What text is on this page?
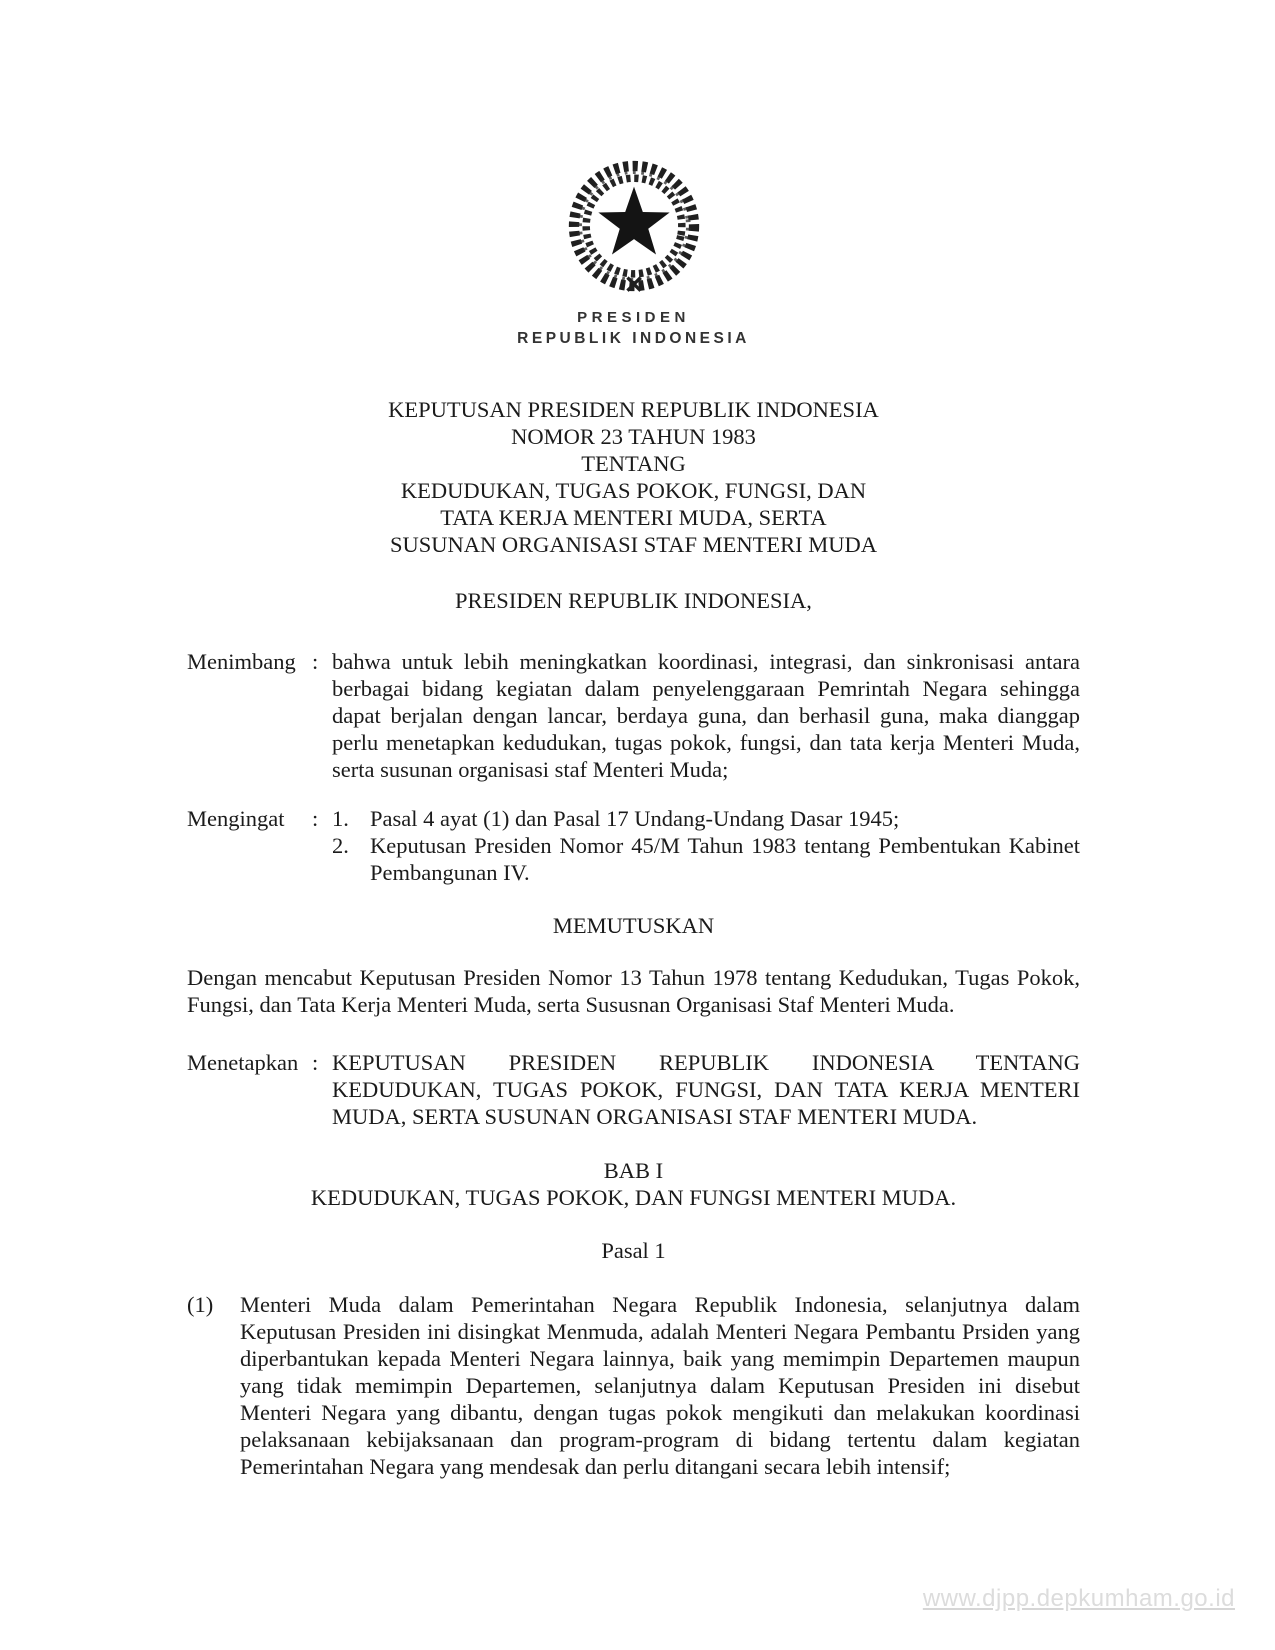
PRESIDEN
REPUBLIK INDONESIA
KEPUTUSAN PRESIDEN REPUBLIK INDONESIA
NOMOR 23 TAHUN 1983
TENTANG
KEDUDUKAN, TUGAS POKOK, FUNGSI, DAN
TATA KERJA MENTERI MUDA, SERTA
SUSUNAN ORGANISASI STAF MENTERI MUDA
PRESIDEN REPUBLIK INDONESIA,
Menimbang : bahwa untuk lebih meningkatkan koordinasi, integrasi, dan sinkronisasi antara berbagai bidang kegiatan dalam penyelenggaraan Pemrintah Negara sehingga dapat berjalan dengan lancar, berdaya guna, dan berhasil guna, maka dianggap perlu menetapkan kedudukan, tugas pokok, fungsi, dan tata kerja Menteri Muda, serta susunan organisasi staf Menteri Muda;
Mengingat	: 1. Pasal 4 ayat (1) dan Pasal 17 Undang-Undang Dasar 1945;
2. Keputusan Presiden Nomor 45/M Tahun 1983 tentang Pembentukan Kabinet Pembangunan IV.
MEMUTUSKAN
Dengan mencabut Keputusan Presiden Nomor 13 Tahun 1978 tentang Kedudukan, Tugas Pokok, Fungsi, dan Tata Kerja Menteri Muda, serta Sususnan Organisasi Staf Menteri Muda.
Menetapkan : KEPUTUSAN PRESIDEN REPUBLIK INDONESIA TENTANG KEDUDUKAN, TUGAS POKOK, FUNGSI, DAN TATA KERJA MENTERI MUDA, SERTA SUSUNAN ORGANISASI STAF MENTERI MUDA.
BAB I
KEDUDUKAN, TUGAS POKOK, DAN FUNGSI MENTERI MUDA.
Pasal 1
(1)	Menteri Muda dalam Pemerintahan Negara Republik Indonesia, selanjutnya dalam Keputusan Presiden ini disingkat Menmuda, adalah Menteri Negara Pembantu Prsiden yang diperbantukan kepada Menteri Negara lainnya, baik yang memimpin Departemen maupun yang tidak memimpin Departemen, selanjutnya dalam Keputusan Presiden ini disebut Menteri Negara yang dibantu, dengan tugas pokok mengikuti dan melakukan koordinasi pelaksanaan kebijaksanaan dan program-program di bidang tertentu dalam kegiatan Pemerintahan Negara yang mendesak dan perlu ditangani secara lebih intensif;
www.djpp.depkumham.go.id
